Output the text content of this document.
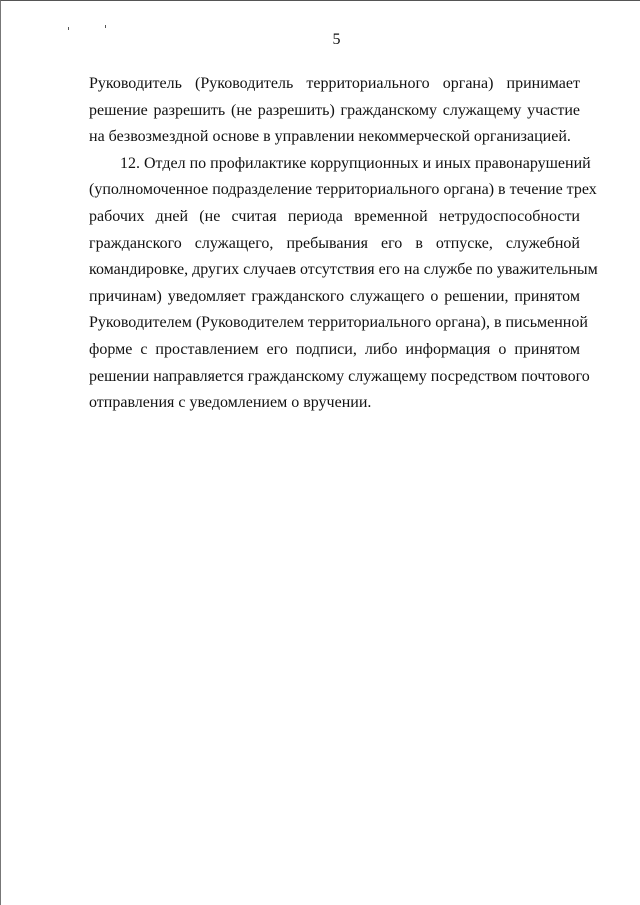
5
Руководитель (Руководитель территориального органа) принимает
решение разрешить (не разрешить) гражданскому служащему участие
на безвозмездной основе в управлении некоммерческой организацией.
12. Отдел по профилактике коррупционных и иных правонарушений
(уполномоченное подразделение территориального органа) в течение трех
рабочих дней (не считая периода временной нетрудоспособности
гражданского служащего, пребывания его в отпуске, служебной
командировке, других случаев отсутствия его на службе по уважительным
причинам) уведомляет гражданского служащего о решении, принятом
Руководителем (Руководителем территориального органа), в письменной
форме с проставлением его подписи, либо информация о принятом
решении направляется гражданскому служащему посредством почтового
отправления с уведомлением о вручении.
